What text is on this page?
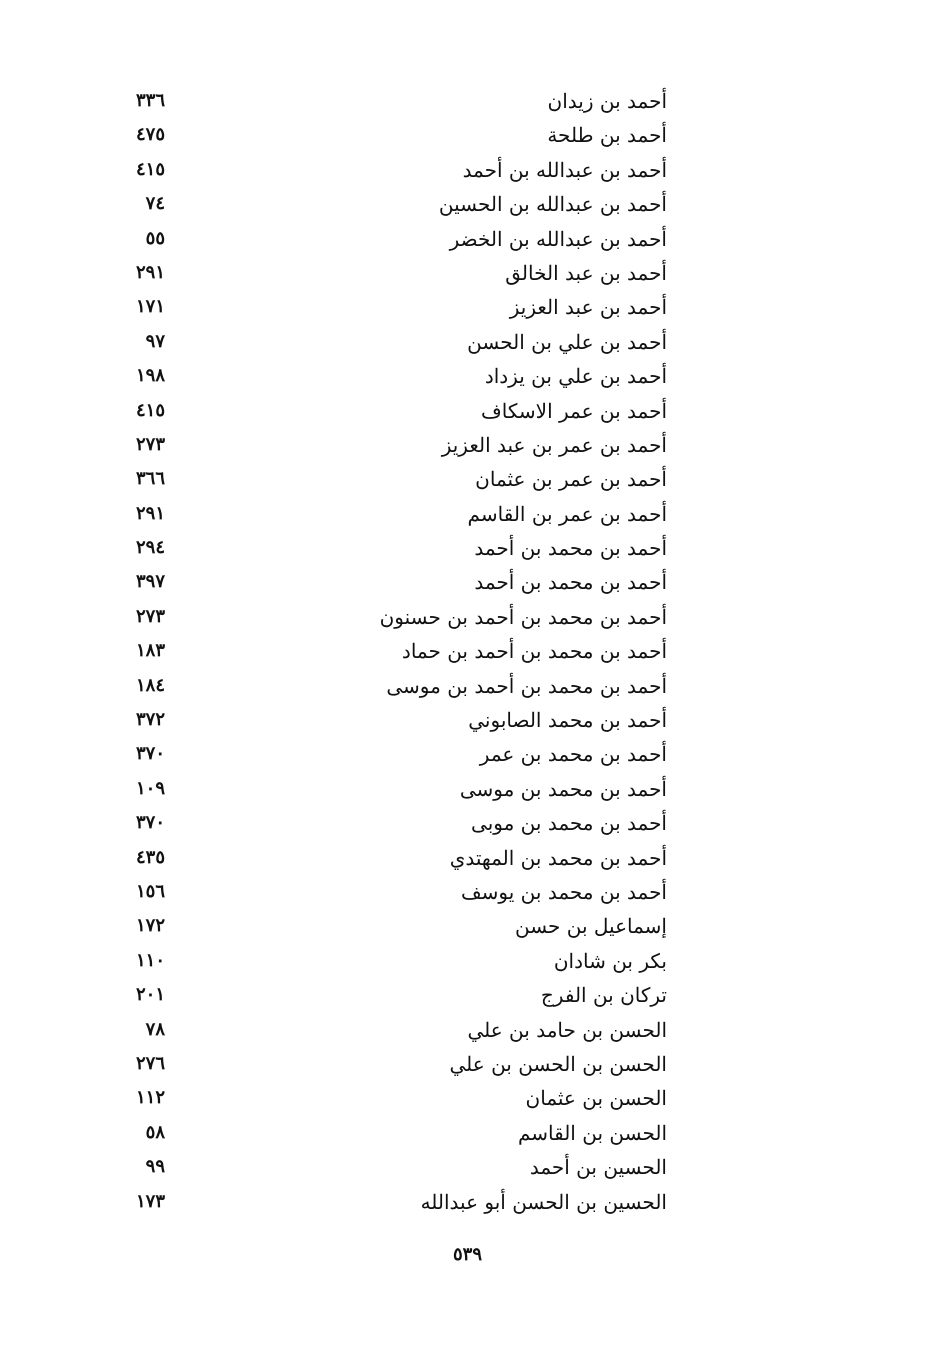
أحمد بن زيدان
٣٣٦
أحمد بن طلحة
٤٧٥
أحمد بن عبدالله بن أحمد
٤١٥
أحمد بن عبدالله بن الحسين
٧٤
أحمد بن عبدالله بن الخضر
٥٥
أحمد بن عبد الخالق
٢٩١
أحمد بن عبد العزيز
١٧١
أحمد بن علي بن الحسن
٩٧
أحمد بن علي بن يزداد
١٩٨
أحمد بن عمر الاسكاف
٤١٥
أحمد بن عمر بن عبد العزيز
٢٧٣
أحمد بن عمر بن عثمان
٣٦٦
أحمد بن عمر بن القاسم
٢٩١
أحمد بن محمد بن أحمد
٢٩٤
أحمد بن محمد بن أحمد
٣٩٧
أحمد بن محمد بن أحمد بن حسنون
٢٧٣
أحمد بن محمد بن أحمد بن حماد
١٨٣
أحمد بن محمد بن أحمد بن موسى
١٨٤
أحمد بن محمد الصابوني
٣٧٢
أحمد بن محمد بن عمر
٣٧٠
أحمد بن محمد بن موسى
١٠٩
أحمد بن محمد بن موبى
٣٧٠
أحمد بن محمد بن المهتدي
٤٣٥
أحمد بن محمد بن يوسف
١٥٦
إسماعيل بن حسن
١٧٢
بكر بن شادان
١١٠
تركان بن الفرج
٢٠١
الحسن بن حامد بن علي
٧٨
الحسن بن الحسن بن علي
٢٧٦
الحسن بن عثمان
١١٢
الحسن بن القاسم
٥٨
الحسين بن أحمد
٩٩
الحسين بن الحسن أبو عبدالله
١٧٣
٥٣٩
